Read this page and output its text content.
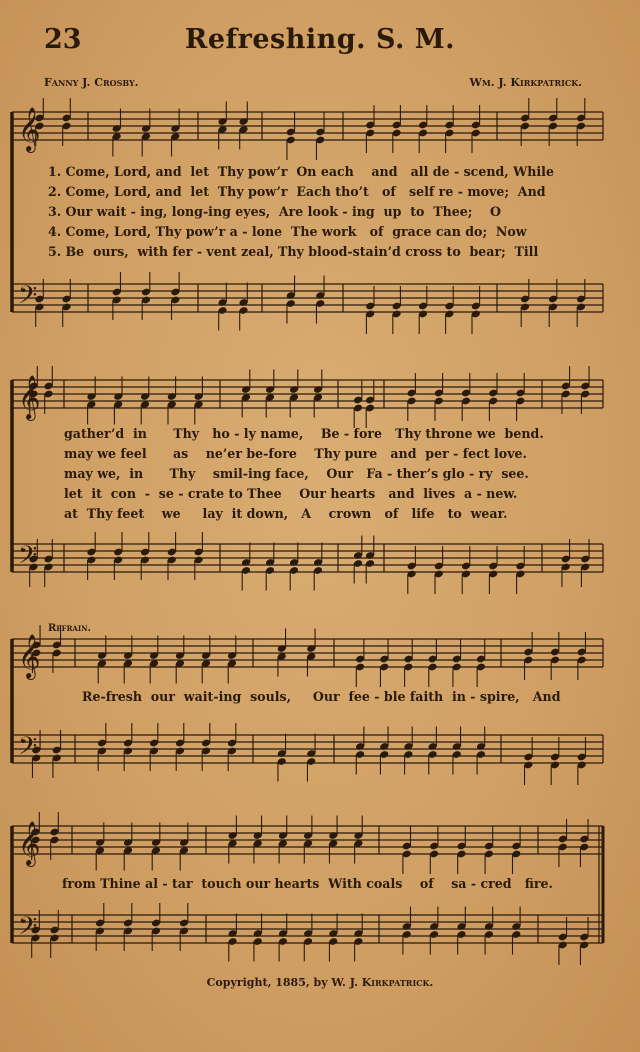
𝄞
𝄢
𝄞
𝄢
𝄞
𝄢
𝄞
𝄢
23	Refreshing. S. M.
Fanny J. Crosby.	Wm. J. Kirkpatrick.
1. Come, Lord, and  let  Thy pow’r  On each    and   all de - scend, While
2. Come, Lord, and  let  Thy pow’r  Each tho’t   of   self re - move;  And
3. Our wait - ing, long-ing eyes,  Are look - ing  up  to  Thee;    O
4. Come, Lord, Thy pow’r a - lone  The work   of  grace can do;  Now
5. Be  ours,  with fer - vent zeal, Thy blood-stain’d cross to  bear;  Till
gather’d  in      Thy   ho - ly name,    Be - fore   Thy throne we  bend.
may we feel      as    ne’er be-fore    Thy pure   and  per - fect love.
may we,  in      Thy    smil-ing face,    Our   Fa - ther’s glo - ry  see.
let  it  con  -  se - crate to Thee    Our hearts   and  lives  a - new.
at  Thy feet    we     lay  it down,   A    crown   of   life   to  wear.
Refrain.
Re-fresh  our  wait-ing  souls,     Our  fee - ble faith  in - spire,   And
from Thine al - tar  touch our hearts  With coals    of    sa - cred   fire.
Copyright, 1885, by W. J. Kirkpatrick.
